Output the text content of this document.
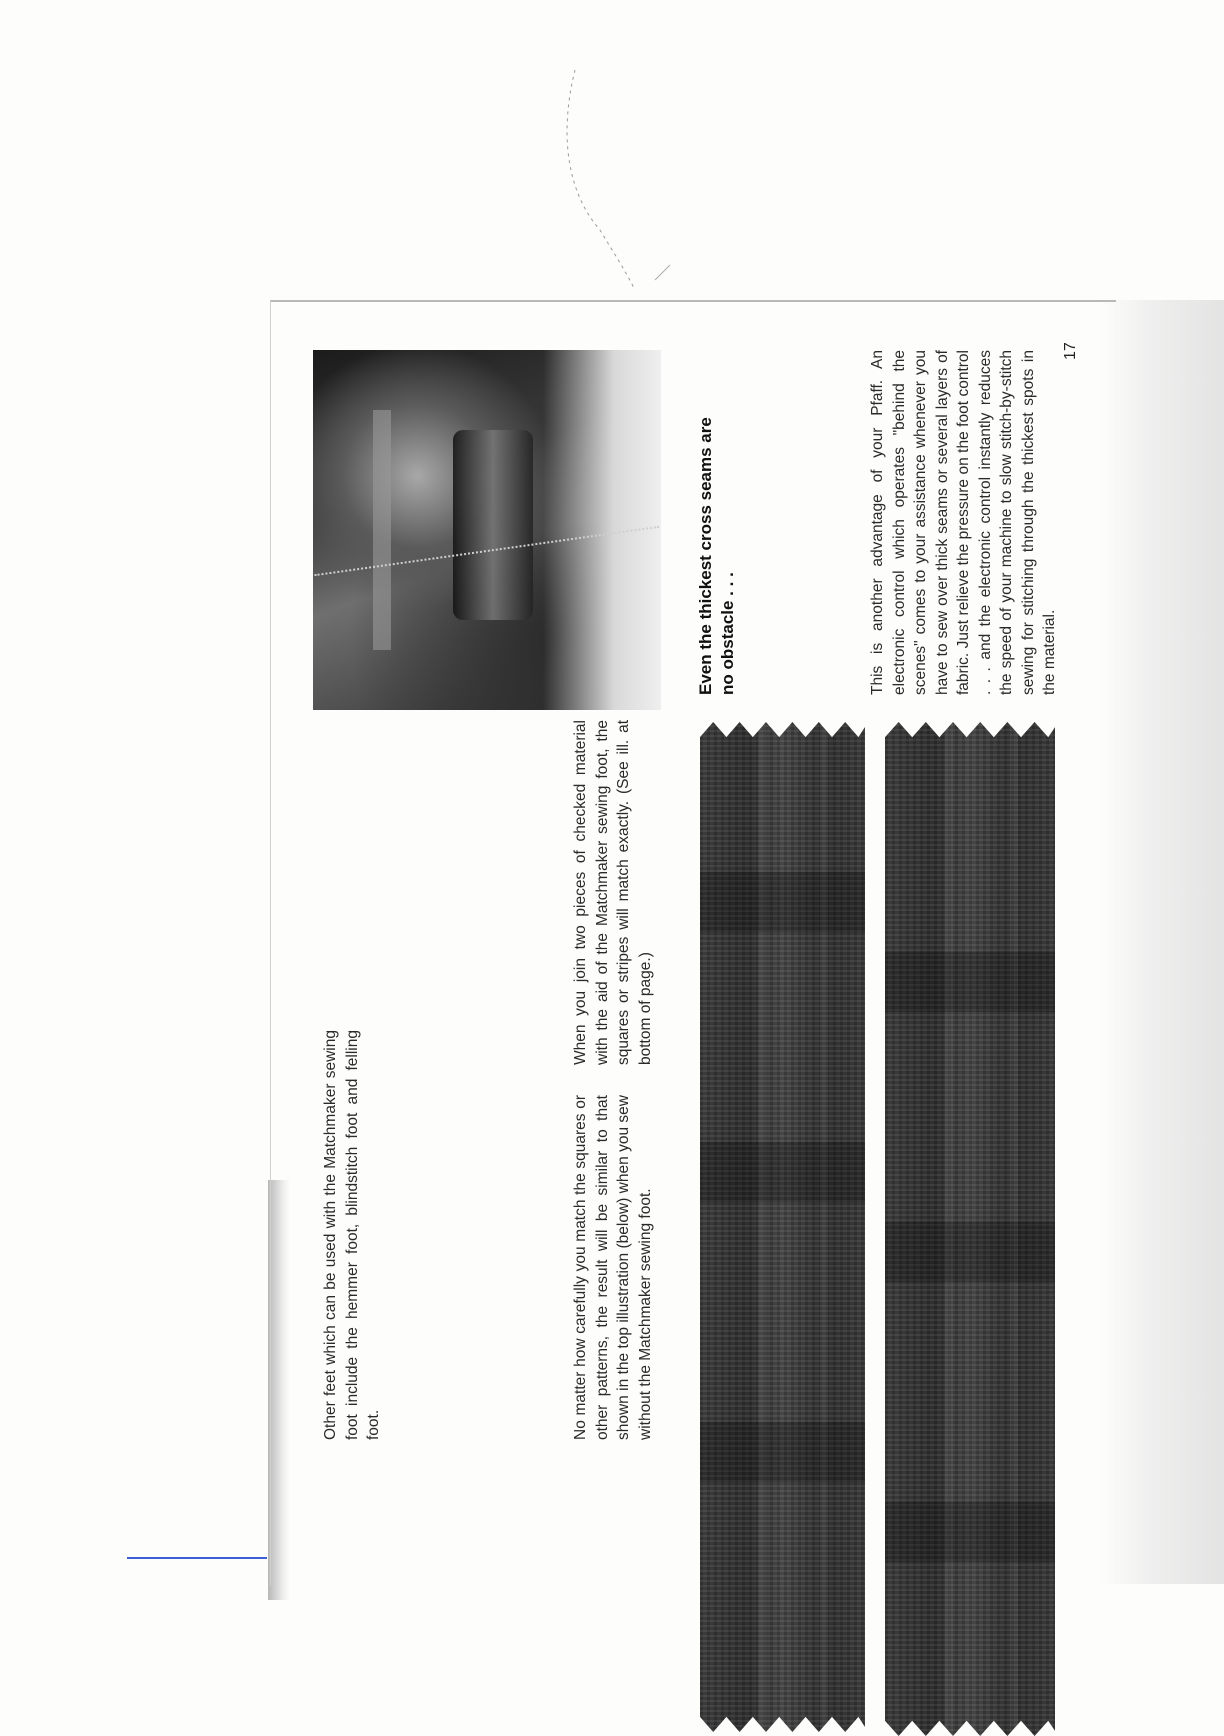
Other feet which can be used with the Matchmaker sewing foot include the hemmer foot, blindstitch foot and felling foot.	No matter how carefully you match the squares or other patterns, the result will be similar to that shown in the top illustration (below) when you sew without the Matchmaker sewing foot.

When you join two pieces of checked material with the aid of the Matchmaker sewing foot, the squares or stripes will match exactly. (See ill. at bottom of page.)

Even the thickest cross seams are no obstacle . . .	This is another advantage of your Pfaff. An electronic control which operates "behind the scenes" comes to your assistance whenever you have to sew over thick seams or several layers of fabric. Just relieve the pressure on the foot control . . . and the electronic control instantly reduces the speed of your machine to slow stitch-by-stitch sewing for stitching through the thickest spots in the material.

17
